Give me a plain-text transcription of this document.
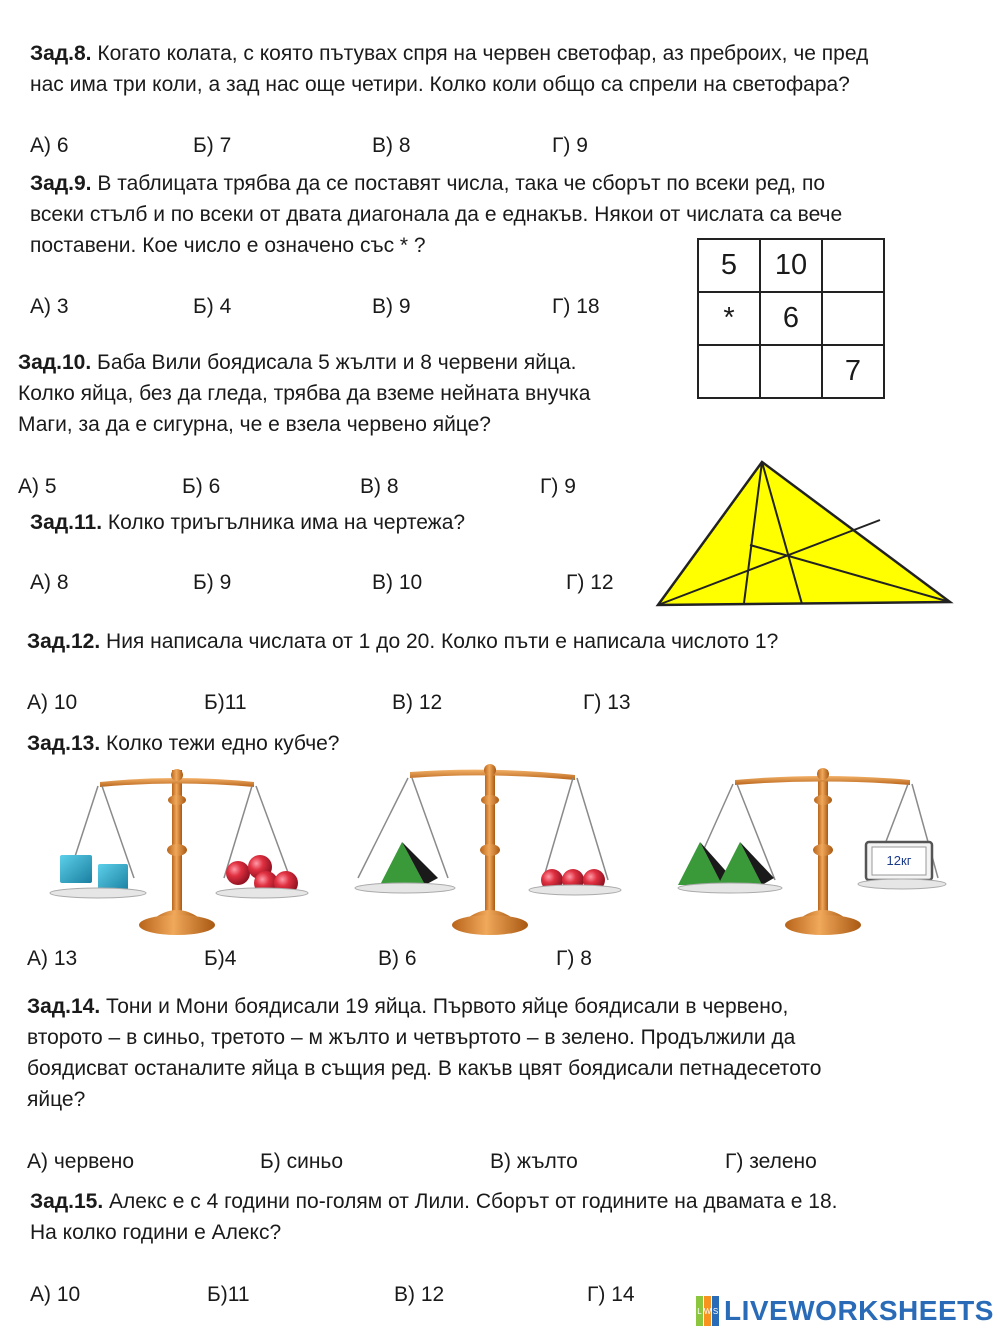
Зад.8. Когато колата, с която пътувах спря на червен светофар, аз преброих, че пред
нас има три коли, а зад нас още четири. Колко коли общо са спрели на светофара?
А) 6	Б) 7	В) 8	Г) 9
Зад.9. В таблицата трябва да се поставят числа, така че сборът по всеки ред, по
всеки стълб и по всеки от двата диагонала да е еднакъв. Някои от числата са вече
поставени. Кое число е означено със * ?
А) 3	Б) 4	В) 9	Г) 18
5	10	
*	6	
		7
Зад.10. Баба Вили боядисала 5 жълти и 8 червени яйца.
Колко яйца, без да гледа, трябва да вземе нейната внучка
Маги, за да е сигурна, че е взела червено яйце?
А) 5	Б) 6	В) 8	Г) 9
Зад.11. Колко триъгълника има на чертежа?
А) 8	Б) 9	В) 10	Г) 12
Зад.12. Ния написала числата от 1 до 20. Колко пъти е написала числото 1?
А) 10	Б)11	В) 12	Г) 13
Зад.13. Колко тежи едно кубче?
12кг
А) 13	Б)4	В) 6	Г) 8
Зад.14. Тони и Мони боядисали 19 яйца. Първото яйце боядисали в червено,
второто – в синьо, третото – м жълто и четвъртото – в зелено. Продължили да
боядисват останалите яйца в същия ред. В какъв цвят боядисали петнадесетото
яйце?
А) червено	Б) синьо	В) жълто	Г) зелено
Зад.15. Алекс е с 4 години по-голям от Лили. Сборът от годините на двамата е 18.
На колко години е Алекс?
А) 10	Б)11	В) 12	Г) 14
L W S LIVEWORKSHEETS
